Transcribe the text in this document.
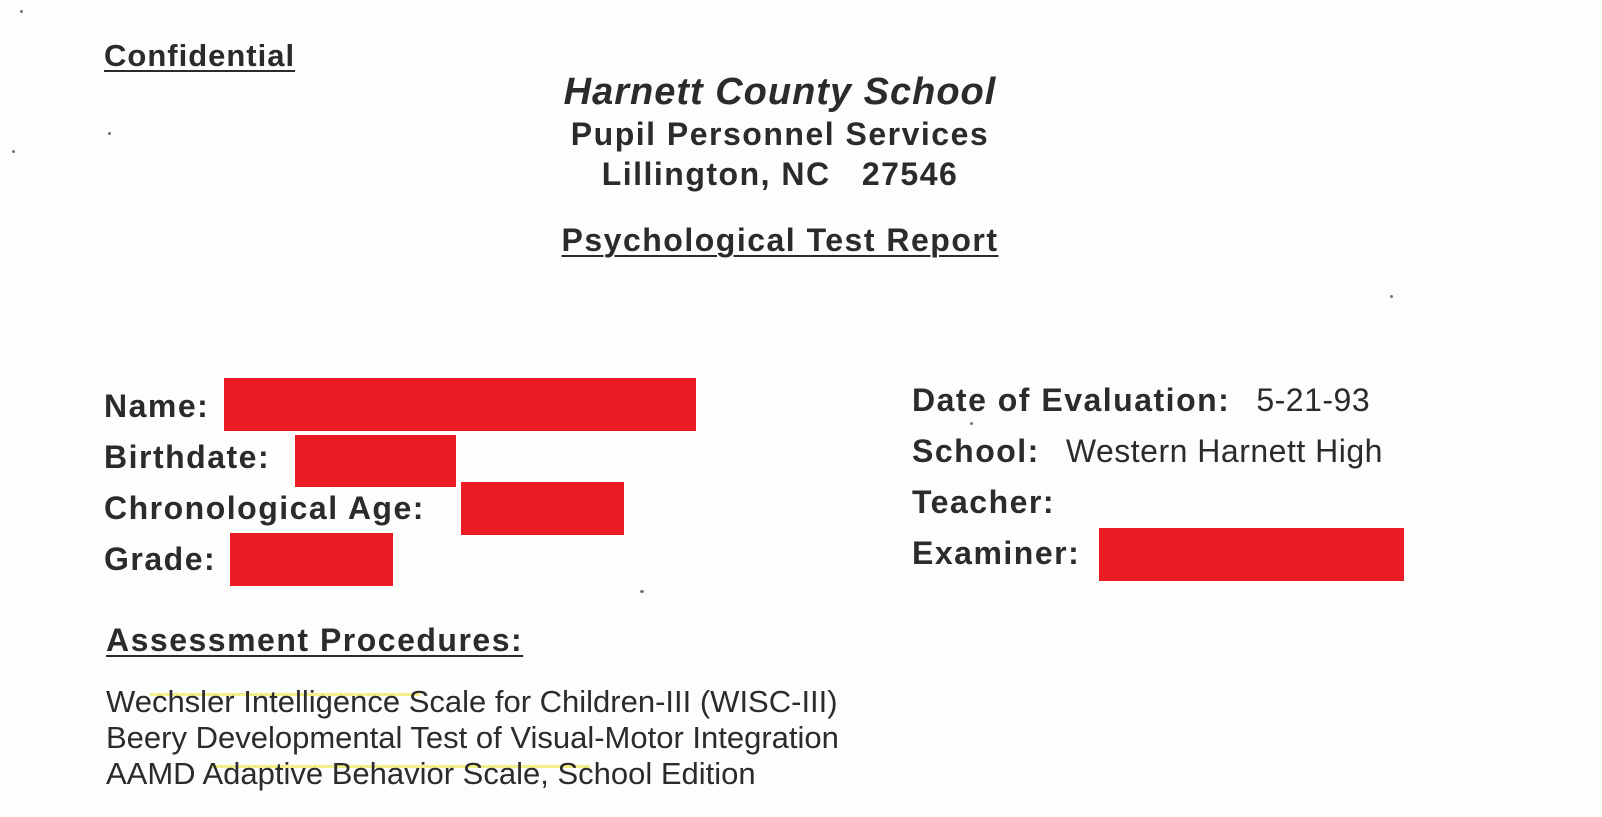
Confidential
Harnett County School
Pupil Personnel Services
Lillington, NC   27546
Psychological Test Report
Name:
Birthdate:
Chronological Age:
Grade:
Date of Evaluation: 5-21-93
School: Western Harnett High
Teacher:
Examiner:
Assessment Procedures:
Wechsler Intelligence Scale for Children-III (WISC-III)
Beery Developmental Test of Visual-Motor Integration
AAMD Adaptive Behavior Scale, School Edition
